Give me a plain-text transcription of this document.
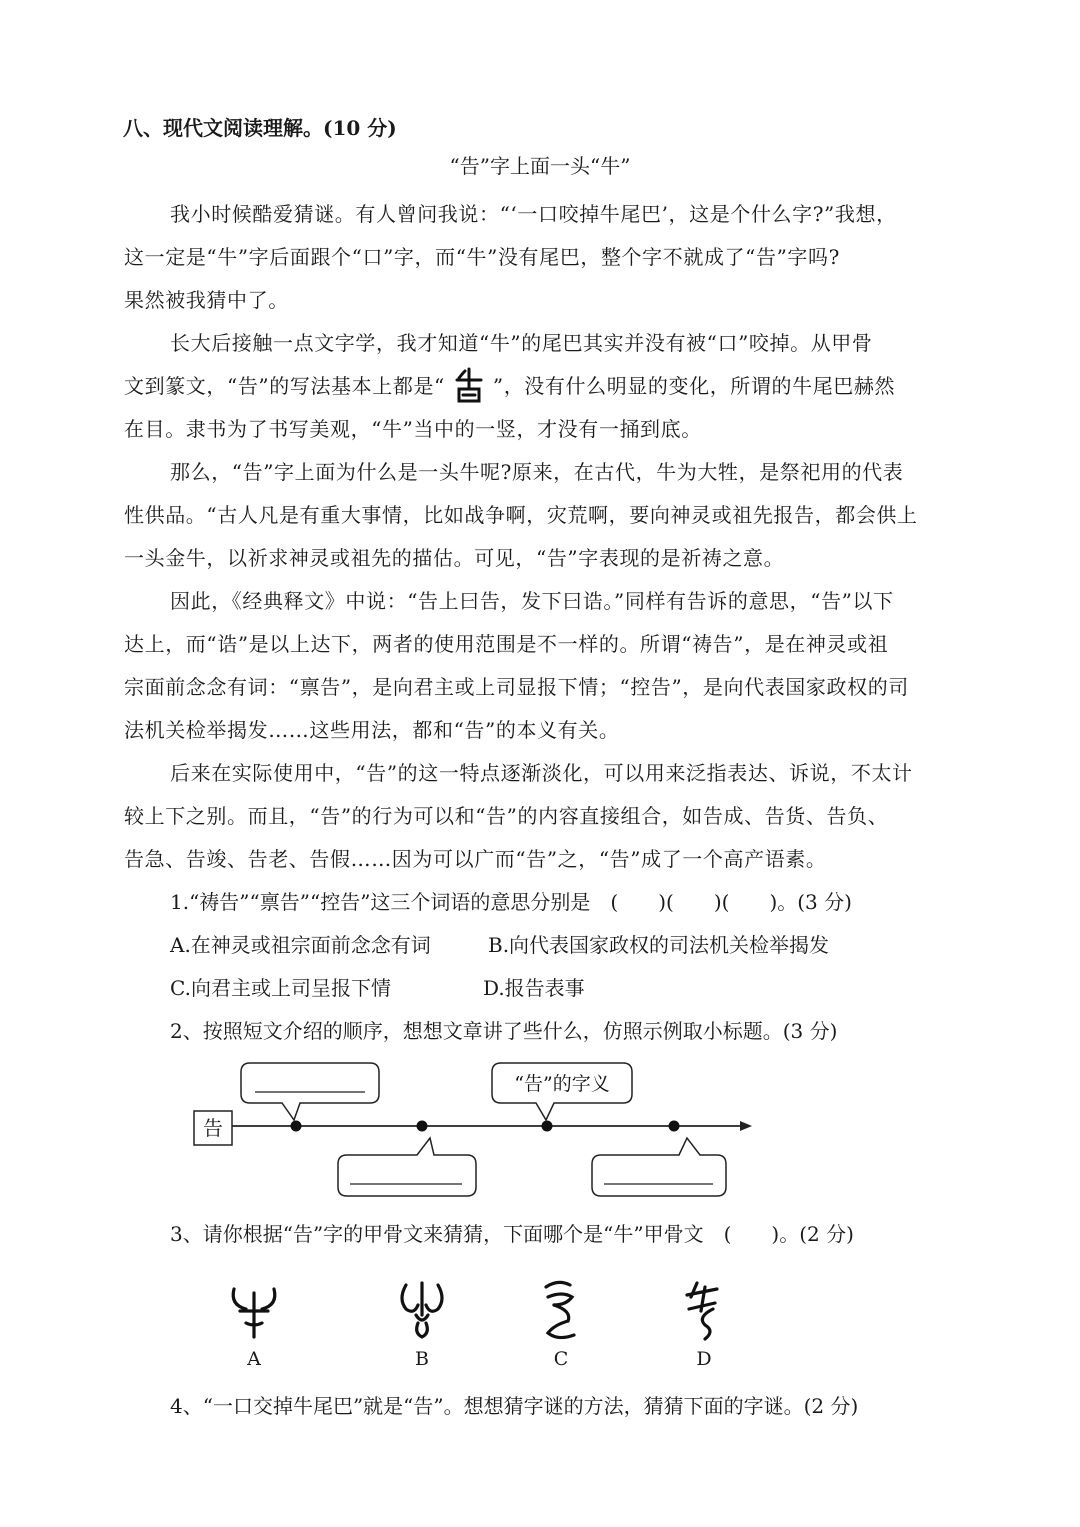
八、现代文阅读理解。(10 分)
“告”字上面一头“牛”
我小时候酷爱猜谜。有人曾问我说：“‘一口咬掉牛尾巴’，这是个什么字?”我想，
这一定是“牛”字后面跟个“口”字，而“牛”没有尾巴，整个字不就成了“告”字吗?
果然被我猜中了。
长大后接触一点文字学，我才知道“牛”的尾巴其实并没有被“口”咬掉。从甲骨
文到篆文，“告”的写法基本上都是“ ”，没有什么明显的变化，所谓的牛尾巴赫然
在目。隶书为了书写美观，“牛”当中的一竖，才没有一捅到底。
那么，“告”字上面为什么是一头牛呢?原来，在古代，牛为大牲，是祭祀用的代表
性供品。“古人凡是有重大事情，比如战争啊，灾荒啊，要向神灵或祖先报告，都会供上
一头金牛，以祈求神灵或祖先的描估。可见，“告”字表现的是祈祷之意。
因此，《经典释文》中说：“告上曰告，发下曰诰。”同样有告诉的意思，“告”以下
达上，而“诰”是以上达下，两者的使用范围是不一样的。所谓“祷告”，是在神灵或祖
宗面前念念有词：“禀告”，是向君主或上司显报下情；“控告”，是向代表国家政权的司
法机关检举揭发……这些用法，都和“告”的本义有关。
后来在实际使用中，“告”的这一特点逐渐淡化，可以用来泛指表达、诉说，不太计
较上下之别。而且，“告”的行为可以和“告”的内容直接组合，如告成、告货、告负、
告急、告竣、告老、告假……因为可以广而“告”之，“告”成了一个高产语素。
1.“祷告”“禀告”“控告”这三个词语的意思分别是　(　　)(　　)(　　)。(3 分)
A.在神灵或祖宗面前念念有词	B.向代表国家政权的司法机关检举揭发
C.向君主或上司呈报下情	D.报告表事
2、按照短文介绍的顺序，想想文章讲了些什么，仿照示例取小标题。(3 分)
告
“告”的字义
3、请你根据“告”字的甲骨文来猜猜，下面哪个是“牛”甲骨文　(　　)。(2 分)
A	B	C	D
4、“一口交掉牛尾巴”就是“告”。想想猜字谜的方法，猜猜下面的字谜。(2 分)
